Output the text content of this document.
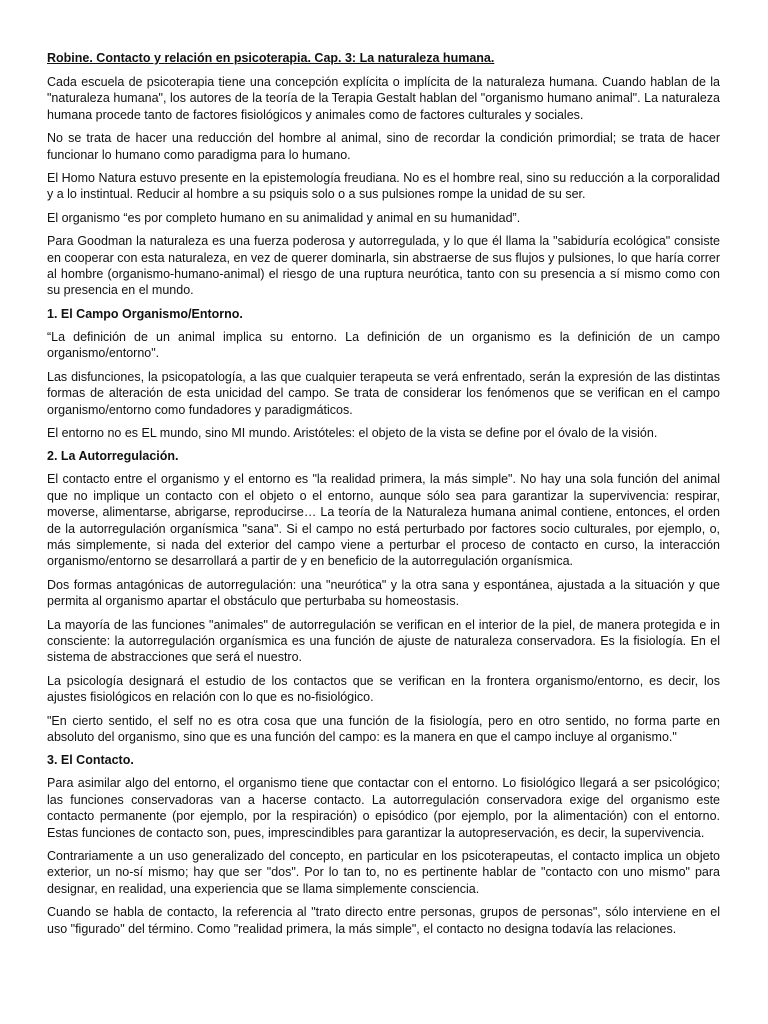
Robine. Contacto y relación en psicoterapia. Cap. 3: La naturaleza humana.

Cada escuela de psicoterapia tiene una concepción explícita o implícita de la naturaleza humana. Cuando hablan de la "naturaleza humana", los autores de la teoría de la Terapia Gestalt hablan del "organismo humano animal". La naturaleza humana procede tanto de factores fisiológicos y animales como de factores culturales y sociales.

No se trata de hacer una reducción del hombre al animal, sino de recordar la condición primordial; se trata de hacer funcionar lo humano como paradigma para lo humano.

El Homo Natura estuvo presente en la epistemología freudiana. No es el hombre real, sino su reducción a la corporalidad y a lo instintual. Reducir al hombre a su psiquis solo o a sus pulsiones rompe la unidad de su ser.

El organismo “es por completo humano en su animalidad y animal en su humanidad”.

Para Goodman la naturaleza es una fuerza poderosa y autorregulada, y lo que él llama la "sabiduría ecológica" consiste en cooperar con esta naturaleza, en vez de querer dominarla, sin abstraerse de sus flujos y pulsiones, lo que haría correr al hombre (organismo-humano-animal) el riesgo de una ruptura neurótica, tanto con su presencia a sí mismo como con su presencia en el mundo.

1. El Campo Organismo/Entorno.

“La definición de un animal implica su entorno. La definición de un organismo es la definición de un campo organismo/entorno".

Las disfunciones, la psicopatología, a las que cualquier terapeuta se verá enfrentado, serán la expresión de las distintas formas de alteración de esta unicidad del campo. Se trata de considerar los fenómenos que se verifican en el campo organismo/entorno como fundadores y paradigmáticos.

El entorno no es EL mundo, sino MI mundo. Aristóteles: el objeto de la vista se define por el óvalo de la visión.

2. La Autorregulación.

El contacto entre el organismo y el entorno es "la realidad primera, la más simple". No hay una sola función del animal que no implique un contacto con el objeto o el entorno, aunque sólo sea para garantizar la supervivencia: respirar, moverse, alimentarse, abrigarse, reproducirse… La teoría de la Naturaleza humana animal contiene, entonces, el orden de la autorregulación organísmica "sana". Si el campo no está perturbado por factores socio culturales, por ejemplo, o, más simplemente, si nada del exterior del campo viene a perturbar el proceso de contacto en curso, la interacción organismo/entorno se desarrollará a partir de y en beneficio de la autorregulación organísmica.

Dos formas antagónicas de autorregulación: una "neurótica" y la otra sana y espontánea, ajustada a la situación y que permita al organismo apartar el obstáculo que perturbaba su homeostasis.

La mayoría de las funciones "animales" de autorregulación se verifican en el interior de la piel, de manera protegida e in consciente: la autorregulación organísmica es una función de ajuste de naturaleza conservadora. Es la fisiología. En el sistema de abstracciones que será el nuestro.

La psicología designará el estudio de los contactos que se verifican en la frontera organismo/entorno, es decir, los ajustes fisiológicos en relación con lo que es no-fisiológico.

"En cierto sentido, el self no es otra cosa que una función de la fisiología, pero en otro sentido, no forma parte en absoluto del organismo, sino que es una función del campo: es la manera en que el campo incluye al organismo."

3. El Contacto.

Para asimilar algo del entorno, el organismo tiene que contactar con el entorno. Lo fisiológico llegará a ser psicológico; las funciones conservadoras van a hacerse contacto. La autorregulación conservadora exige del organismo este contacto permanente (por ejemplo, por la respiración) o episódico (por ejemplo, por la alimentación) con el entorno. Estas funciones de contacto son, pues, imprescindibles para garantizar la autopreservación, es decir, la supervivencia.

Contrariamente a un uso generalizado del concepto, en particular en los psicoterapeutas, el contacto implica un objeto exterior, un no-sí mismo; hay que ser "dos". Por lo tan to, no es pertinente hablar de "contacto con uno mismo" para designar, en realidad, una experiencia que se llama simplemente consciencia.

Cuando se habla de contacto, la referencia al "trato directo entre personas, grupos de personas", sólo interviene en el uso "figurado" del término. Como "realidad primera, la más simple", el contacto no designa todavía las relaciones.
